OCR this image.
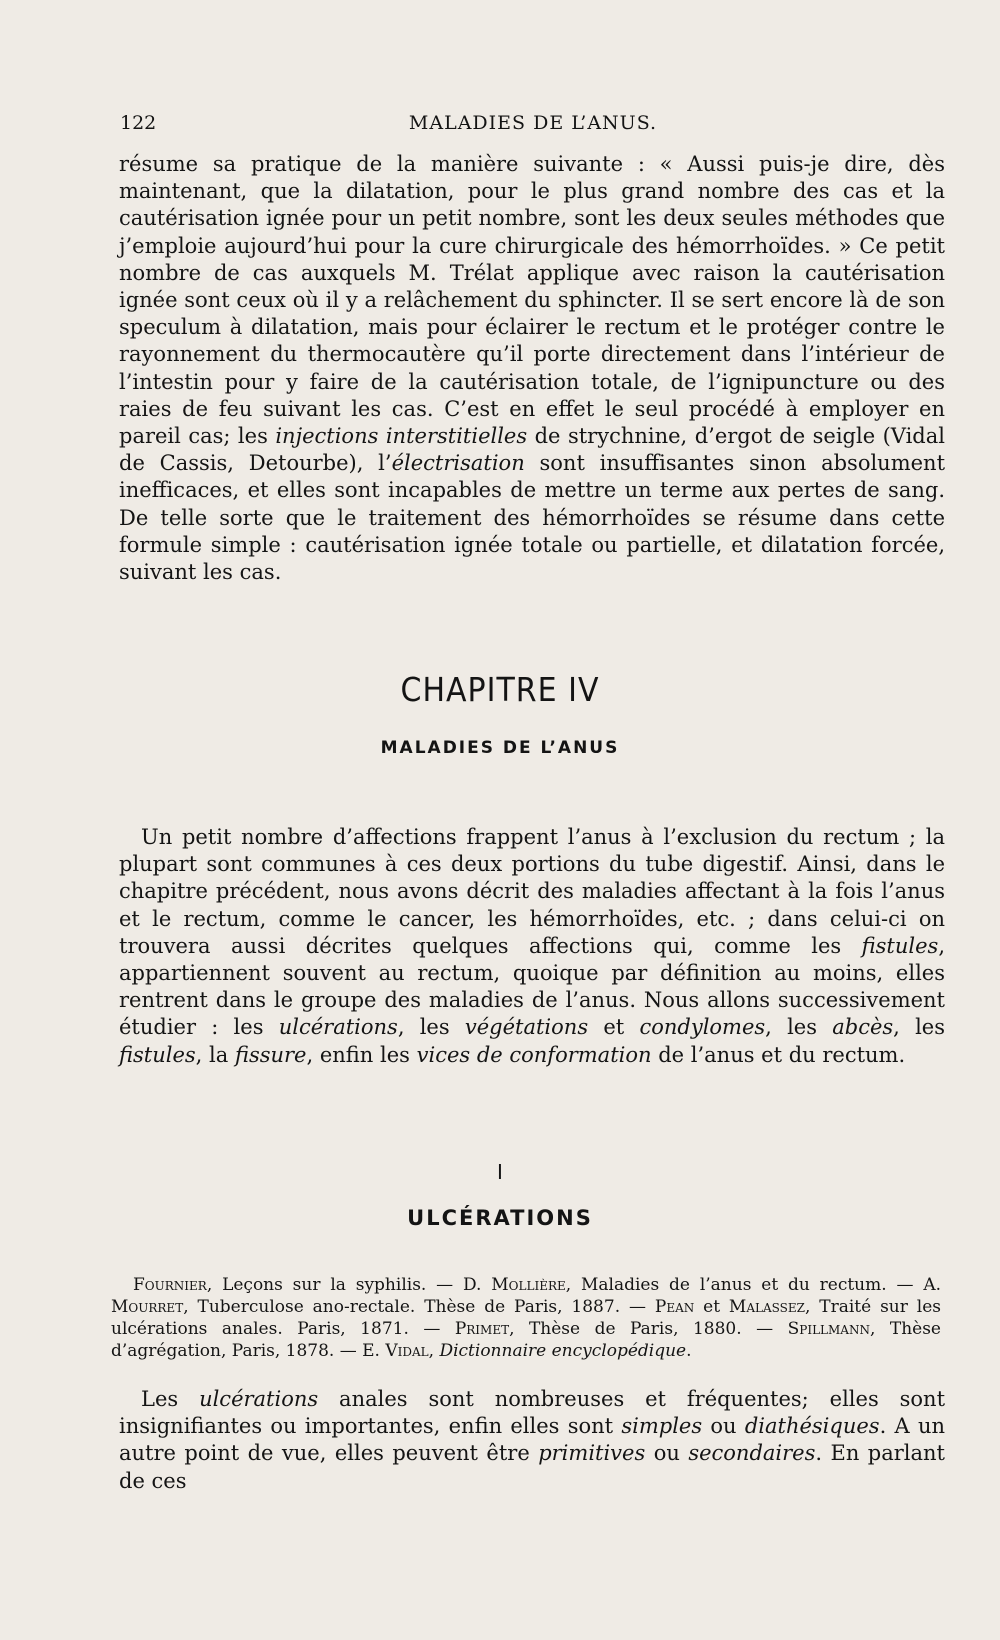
122	MALADIES DE L’ANUS.
résume sa pratique de la manière suivante : « Aussi puis-je dire, dès maintenant, que la dilatation, pour le plus grand nombre des cas et la cautérisation ignée pour un petit nombre, sont les deux seules méthodes que j’emploie aujourd’hui pour la cure chirurgicale des hémorrhoïdes. » Ce petit nombre de cas auxquels M. Trélat applique avec raison la cautérisation ignée sont ceux où il y a relâchement du sphincter. Il se sert encore là de son speculum à dilatation, mais pour éclairer le rectum et le protéger contre le rayonnement du thermocautère qu’il porte directement dans l’intérieur de l’intestin pour y faire de la cautérisation totale, de l’ignipuncture ou des raies de feu suivant les cas. C’est en effet le seul procédé à employer en pareil cas; les injections interstitielles de strychnine, d’ergot de seigle (Vidal de Cassis, Detourbe), l’électrisation sont insuffisantes sinon absolument inefficaces, et elles sont incapables de mettre un terme aux pertes de sang. De telle sorte que le traitement des hémorrhoïdes se résume dans cette formule simple : cautérisation ignée totale ou partielle, et dilatation forcée, suivant les cas.
CHAPITRE IV
MALADIES DE L’ANUS
Un petit nombre d’affections frappent l’anus à l’exclusion du rectum ; la plupart sont communes à ces deux portions du tube digestif. Ainsi, dans le chapitre précédent, nous avons décrit des maladies affectant à la fois l’anus et le rectum, comme le cancer, les hémorrhoïdes, etc. ; dans celui-ci on trouvera aussi décrites quelques affections qui, comme les fistules, appartiennent souvent au rectum, quoique par définition au moins, elles rentrent dans le groupe des maladies de l’anus. Nous allons successivement étudier : les ulcérations, les végétations et condylomes, les abcès, les fistules, la fissure, enfin les vices de conformation de l’anus et du rectum.
I
ULCÉRATIONS
Fournier, Leçons sur la syphilis. — D. Mollière, Maladies de l’anus et du rectum. — A. Mourret, Tuberculose ano-rectale. Thèse de Paris, 1887. — Pean et Malassez, Traité sur les ulcérations anales. Paris, 1871. — Primet, Thèse de Paris, 1880. — Spillmann, Thèse d’agrégation, Paris, 1878. — E. Vidal, Dictionnaire encyclopédique.
Les ulcérations anales sont nombreuses et fréquentes; elles sont insignifiantes ou importantes, enfin elles sont simples ou diathésiques. A un autre point de vue, elles peuvent être primitives ou secondaires. En parlant de ces
